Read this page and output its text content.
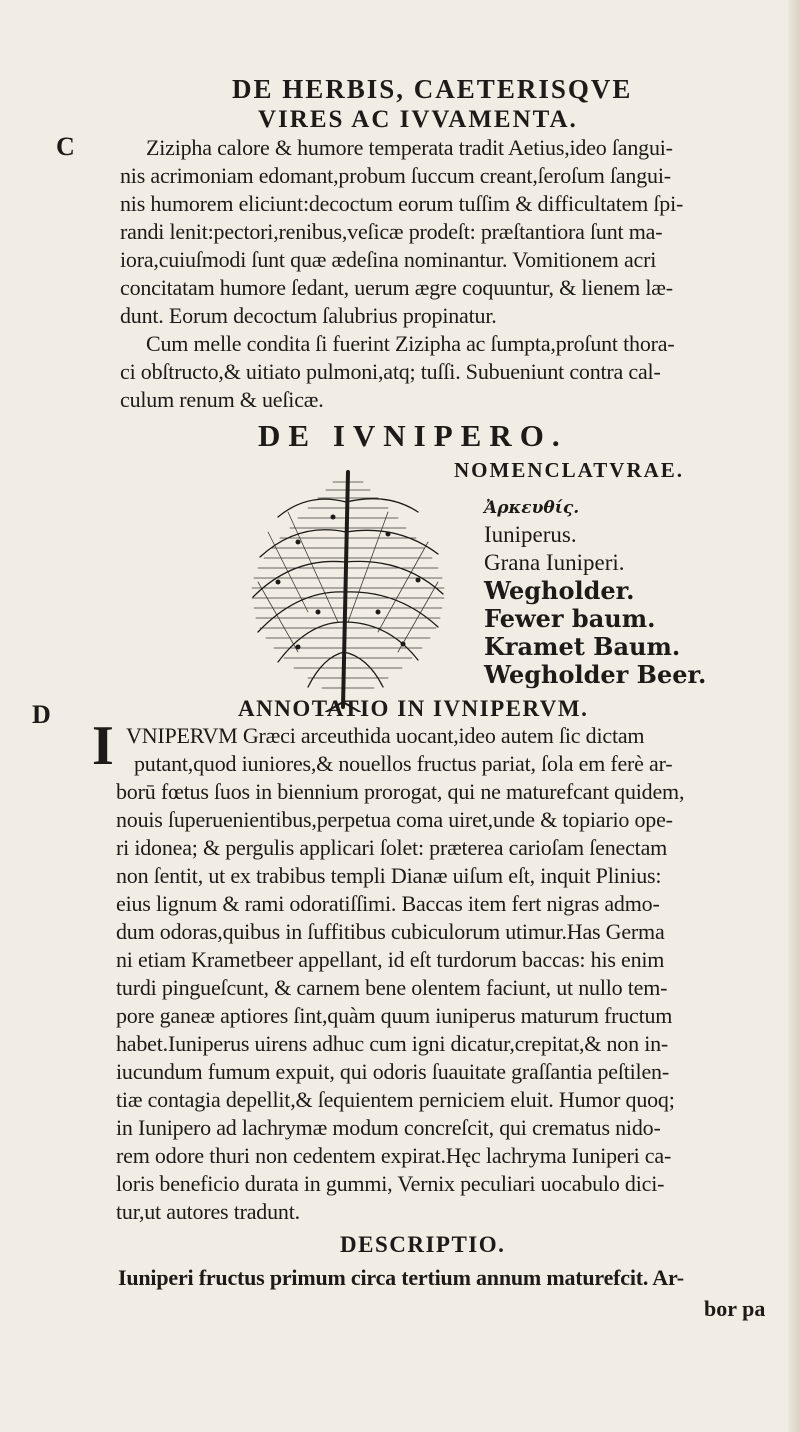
DE HERBIS, CAETERISQVE
VIRES AC IVVAMENTA.
C	Zizipha calore & humore temperata tradit Aetius,ideo ſangui-
nis acrimoniam edomant,probum ſuccum creant,ſeroſum ſangui-
nis humorem eliciunt:decoctum eorum tuſſim & difficultatem ſpi-
randi lenit:pectori,renibus,veſicæ prodeſt: præſtantiora ſunt ma-
iora,cuiuſmodi ſunt quæ ædeſina nominantur. Vomitionem acri
concitatam humore ſedant, uerum ægre coquuntur, & lienem læ-
dunt. Eorum decoctum ſalubrius propinatur.
Cum melle condita ſi fuerint Zizipha ac ſumpta,proſunt thora-
ci obſtructo,& uitiato pulmoni,atq; tuſſi. Subueniunt contra cal-
culum renum & ueſicæ.
DE IVNIPERO.
NOMENCLATVRAE.
Ἀρκευθίς.
Iuniperus.
Grana Iuniperi.
Wegholder.
Fewer baum.
Kramet Baum.
Wegholder Beer.
D	ANNOTATIO IN IVNIPERVM.
I VNIPERVM Græci arceuthida uocant,ideo autem ſic dictam
putant,quod iuniores,& nouellos fructus pariat, ſola em ferè ar-
borū fœtus ſuos in biennium prorogat, qui ne maturefcant quidem,
nouis ſuperuenientibus,perpetua coma uiret,unde & topiario ope-
ri idonea; & pergulis applicari ſolet: præterea carioſam ſenectam
non ſentit, ut ex trabibus templi Dianæ uiſum eſt, inquit Plinius:
eius lignum & rami odoratiſſimi. Baccas item fert nigras admo-
dum odoras,quibus in ſuffitibus cubiculorum utimur.Has Germa
ni etiam Krametbeer appellant, id eſt turdorum baccas: his enim
turdi pingueſcunt, & carnem bene olentem faciunt, ut nullo tem-
pore ganeæ aptiores ſint,quàm quum iuniperus maturum fructum
habet.Iuniperus uirens adhuc cum igni dicatur,crepitat,& non in-
iucundum fumum expuit, qui odoris ſuauitate graſſantia peſtilen-
tiæ contagia depellit,& ſequientem perniciem eluit. Humor quoq;
in Iunipero ad lachrymæ modum concreſcit, qui crematus nido-
rem odore thuri non cedentem expirat.Hęc lachryma Iuniperi ca-
loris beneficio durata in gummi, Vernix peculiari uocabulo dici-
tur,ut autores tradunt.
DESCRIPTIO.
Iuniperi fructus primum circa tertium annum maturefcit. Ar-
bor pa
